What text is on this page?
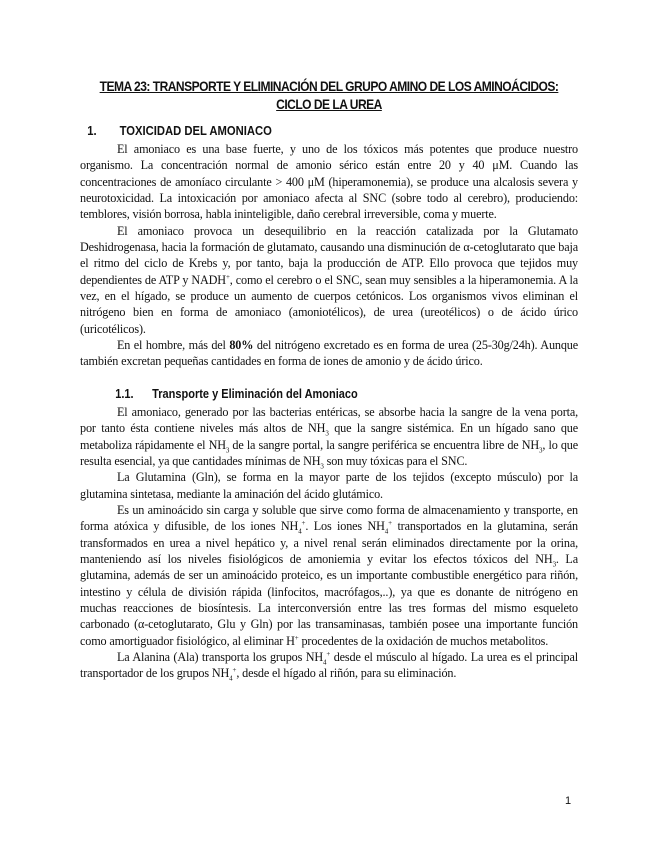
TEMA 23: TRANSPORTE Y ELIMINACIÓN DEL GRUPO AMINO DE LOS AMINOÁCIDOS:
CICLO DE LA UREA
1. TOXICIDAD DEL AMONIACO

El amoniaco es una base fuerte, y uno de los tóxicos más potentes que produce nuestro organismo. La concentración normal de amonio sérico están entre 20 y 40 μM. Cuando las concentraciones de amoníaco circulante > 400 μM (hiperamonemia), se produce una alcalosis severa y neurotoxicidad. La intoxicación por amoniaco afecta al SNC (sobre todo al cerebro), produciendo: temblores, visión borrosa, habla ininteligible, daño cerebral irreversible, coma y muerte.

El amoniaco provoca un desequilibrio en la reacción catalizada por la Glutamato Deshidrogenasa, hacia la formación de glutamato, causando una disminución de α-cetoglutarato que baja el ritmo del ciclo de Krebs y, por tanto, baja la producción de ATP. Ello provoca que tejidos muy dependientes de ATP y NADH+, como el cerebro o el SNC, sean muy sensibles a la hiperamonemia. A la vez, en el hígado, se produce un aumento de cuerpos cetónicos. Los organismos vivos eliminan el nitrógeno bien en forma de amoniaco (amoniotélicos), de urea (ureotélicos) o de ácido úrico (uricotélicos).

En el hombre, más del 80% del nitrógeno excretado es en forma de urea (25-30g/24h). Aunque también excretan pequeñas cantidades en forma de iones de amonio y de ácido úrico.

1.1. Transporte y Eliminación del Amoniaco

El amoniaco, generado por las bacterias entéricas, se absorbe hacia la sangre de la vena porta, por tanto ésta contiene niveles más altos de $NH_3$ que la sangre sistémica. En un hígado sano que metaboliza rápidamente el $NH_3$ de la sangre portal, la sangre periférica se encuentra libre de $NH_3$, lo que resulta esencial, ya que cantidades mínimas de $NH_3$ son muy tóxicas para el SNC.

La Glutamina (Gln), se forma en la mayor parte de los tejidos (excepto músculo) por la glutamina sintetasa, mediante la aminación del ácido glutámico.

Es un aminoácido sin carga y soluble que sirve como forma de almacenamiento y transporte, en forma atóxica y difusible, de los iones $NH_4^+$. Los iones $NH_4^+$ transportados en la glutamina, serán transformados en urea a nivel hepático y, a nivel renal serán eliminados directamente por la orina, manteniendo así los niveles fisiológicos de amoniemia y evitar los efectos tóxicos del $NH_3$. La glutamina, además de ser un aminoácido proteico, es un importante combustible energético para riñón, intestino y célula de división rápida (linfocitos, macrófagos,..), ya que es donante de nitrógeno en muchas reacciones de biosíntesis. La interconversión entre las tres formas del mismo esqueleto carbonado (α-cetoglutarato, Glu y Gln) por las transaminasas, también posee una importante función como amortiguador fisiológico, al eliminar H+ procedentes de la oxidación de muchos metabolitos.

La Alanina (Ala) transporta los grupos $NH_4^+$ desde el músculo al hígado. La urea es el principal transportador de los grupos $NH_4^+$, desde el hígado al riñón, para su eliminación.

1
